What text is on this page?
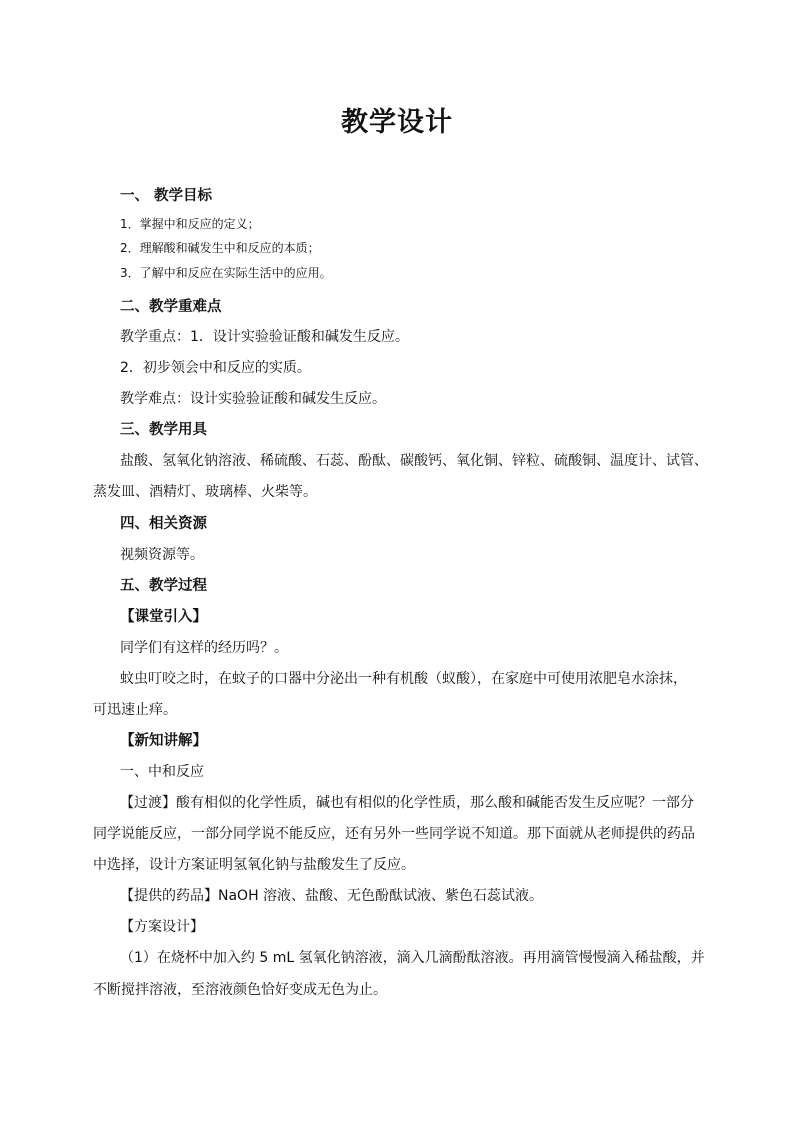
教学设计
一、 教学目标
1．掌握中和反应的定义；
2．理解酸和碱发生中和反应的本质；
3．了解中和反应在实际生活中的应用。
二、教学重难点
教学重点：1．设计实验验证酸和碱发生反应。
2．初步领会中和反应的实质。
教学难点：设计实验验证酸和碱发生反应。
三、教学用具
盐酸、氢氧化钠溶液、稀硫酸、石蕊、酚酞、碳酸钙、氧化铜、锌粒、硫酸铜、温度计、试管、
蒸发皿、酒精灯、玻璃棒、火柴等。
四、相关资源
视频资源等。
五、教学过程
【课堂引入】
同学们有这样的经历吗？。
蚊虫叮咬之时，在蚊子的口器中分泌出一种有机酸（蚁酸），在家庭中可使用浓肥皂水涂抹，
可迅速止痒。
【新知讲解】
一、中和反应
【过渡】酸有相似的化学性质，碱也有相似的化学性质，那么酸和碱能否发生反应呢？一部分
同学说能反应，一部分同学说不能反应，还有另外一些同学说不知道。那下面就从老师提供的药品
中选择，设计方案证明氢氧化钠与盐酸发生了反应。
【提供的药品】NaOH 溶液、盐酸、无色酚酞试液、紫色石蕊试液。
【方案设计】
（1）在烧杯中加入约 5 mL 氢氧化钠溶液，滴入几滴酚酞溶液。再用滴管慢慢滴入稀盐酸，并
不断搅拌溶液，至溶液颜色恰好变成无色为止。
